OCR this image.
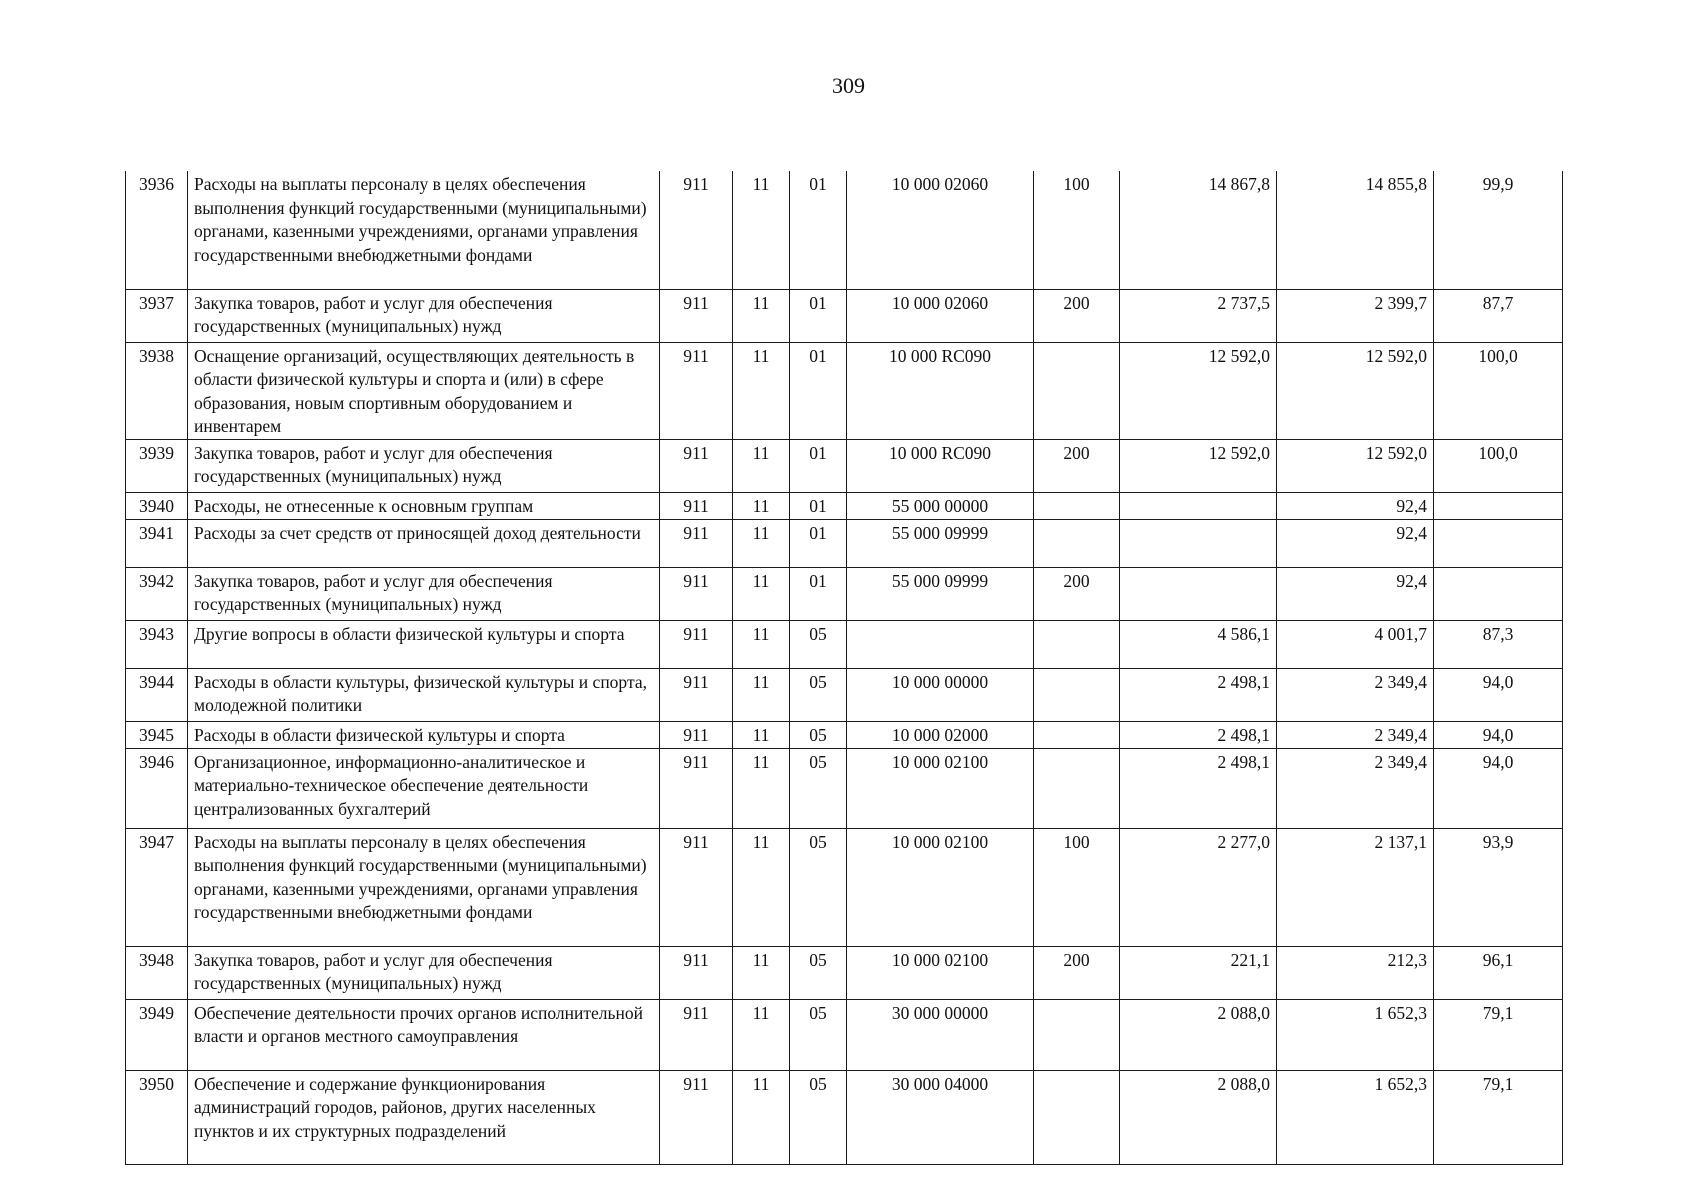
309
3936	Расходы на выплаты персоналу в целях обеспечения выполнения функций государственными (муниципальными) органами, казенными учреждениями, органами управления государственными внебюджетными фондами	911	11	01	10 000 02060	100	14 867,8	14 855,8	99,9
3937	Закупка товаров, работ и услуг для обеспечения государственных (муниципальных) нужд	911	11	01	10 000 02060	200	2 737,5	2 399,7	87,7
3938	Оснащение организаций, осуществляющих деятельность в области физической культуры и спорта и (или) в сфере образования, новым спортивным оборудованием и инвентарем	911	11	01	10 000 RC090		12 592,0	12 592,0	100,0
3939	Закупка товаров, работ и услуг для обеспечения государственных (муниципальных) нужд	911	11	01	10 000 RC090	200	12 592,0	12 592,0	100,0
3940	Расходы, не отнесенные к основным группам	911	11	01	55 000 00000			92,4	
3941	Расходы за счет средств от приносящей доход деятельности	911	11	01	55 000 09999			92,4	
3942	Закупка товаров, работ и услуг для обеспечения государственных (муниципальных) нужд	911	11	01	55 000 09999	200		92,4	
3943	Другие вопросы в области физической культуры и спорта	911	11	05			4 586,1	4 001,7	87,3
3944	Расходы в области культуры, физической культуры и спорта, молодежной политики	911	11	05	10 000 00000		2 498,1	2 349,4	94,0
3945	Расходы в области физической культуры и спорта	911	11	05	10 000 02000		2 498,1	2 349,4	94,0
3946	Организационное, информационно-аналитическое и материально-техническое обеспечение деятельности централизованных бухгалтерий	911	11	05	10 000 02100		2 498,1	2 349,4	94,0
3947	Расходы на выплаты персоналу в целях обеспечения выполнения функций государственными (муниципальными) органами, казенными учреждениями, органами управления государственными внебюджетными фондами	911	11	05	10 000 02100	100	2 277,0	2 137,1	93,9
3948	Закупка товаров, работ и услуг для обеспечения государственных (муниципальных) нужд	911	11	05	10 000 02100	200	221,1	212,3	96,1
3949	Обеспечение деятельности прочих органов исполнительной власти и органов местного самоуправления	911	11	05	30 000 00000		2 088,0	1 652,3	79,1
3950	Обеспечение и содержание функционирования администраций городов, районов, других населенных пунктов и их структурных подразделений	911	11	05	30 000 04000		2 088,0	1 652,3	79,1
